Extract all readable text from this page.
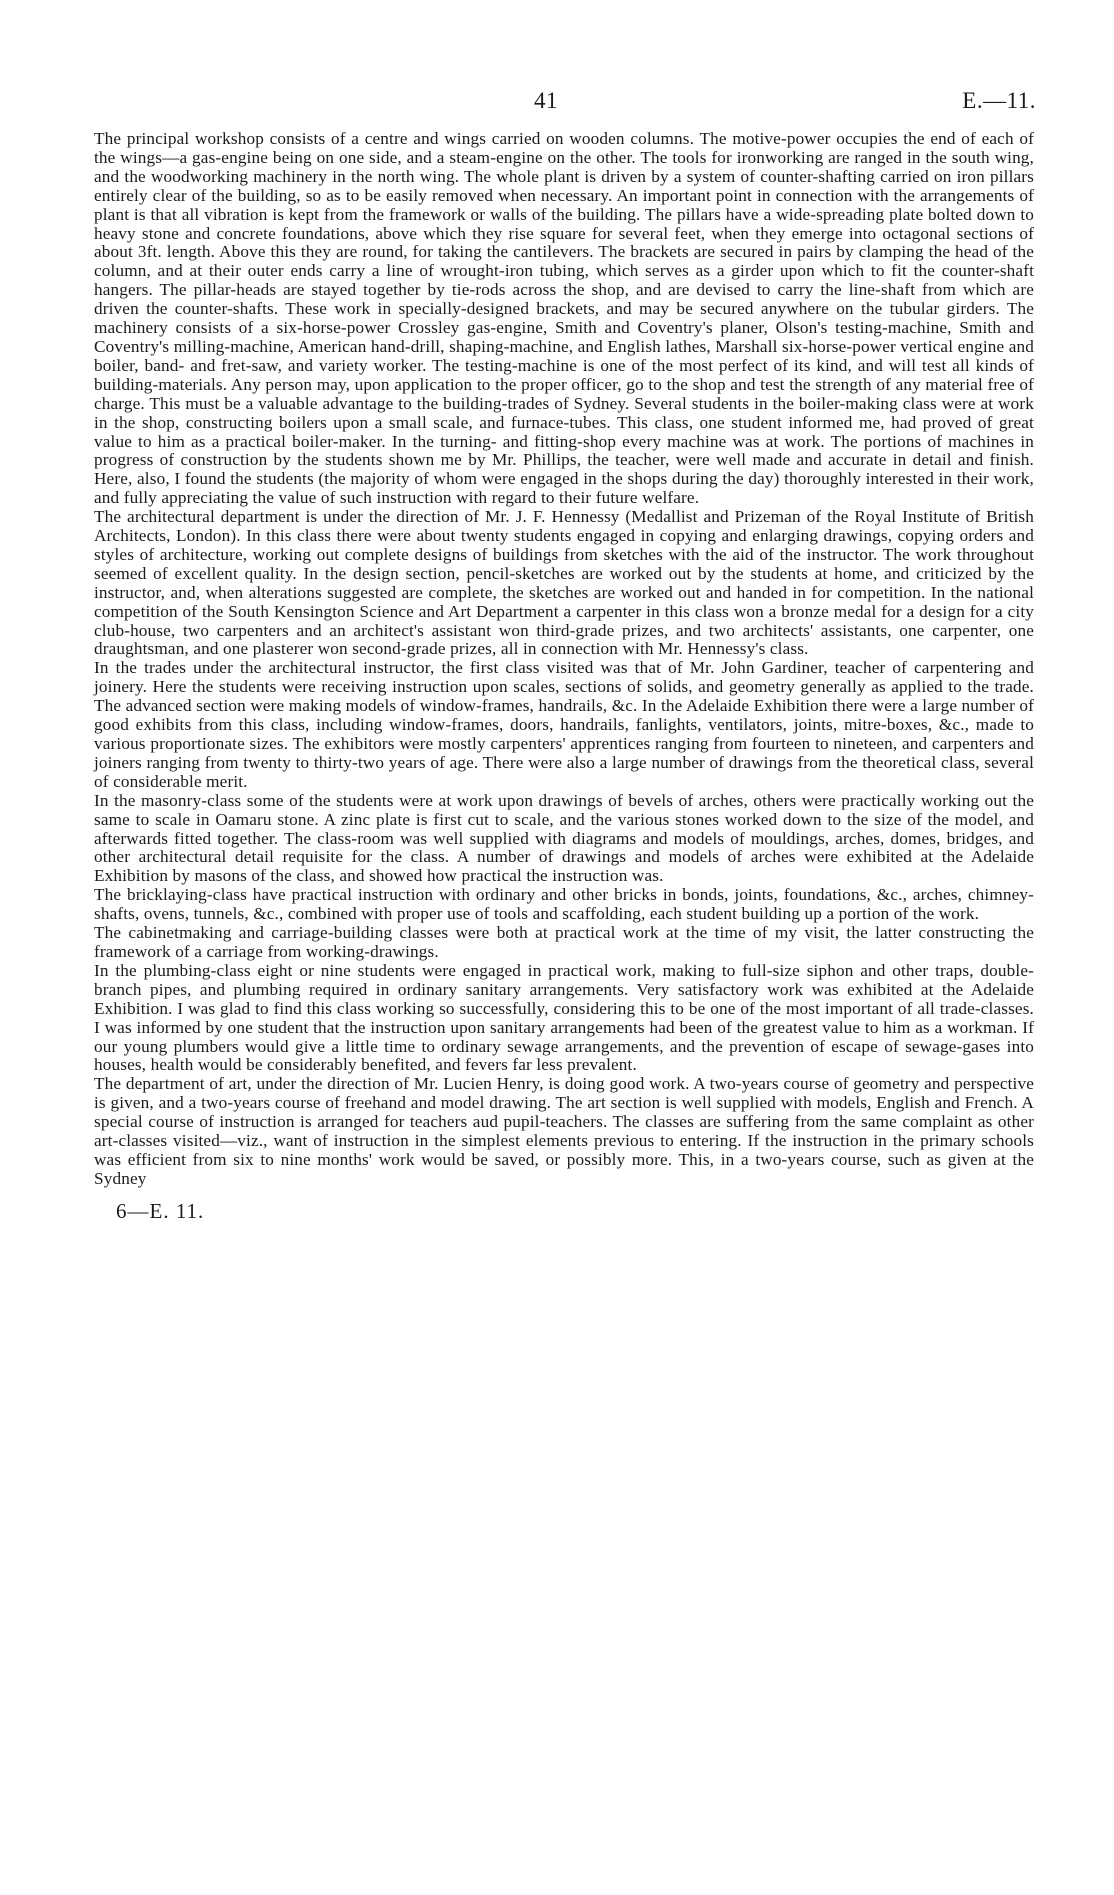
41	E.—11.

The principal workshop consists of a centre and wings carried on wooden columns. The motive-power occupies the end of each of the wings—a gas-engine being on one side, and a steam-engine on the other. The tools for ironworking are ranged in the south wing, and the woodworking machinery in the north wing. The whole plant is driven by a system of counter-shafting carried on iron pillars entirely clear of the building, so as to be easily removed when necessary. An important point in connection with the arrangements of plant is that all vibration is kept from the framework or walls of the building. The pillars have a wide-spreading plate bolted down to heavy stone and concrete foundations, above which they rise square for several feet, when they emerge into octagonal sections of about 3ft. length. Above this they are round, for taking the cantilevers. The brackets are secured in pairs by clamping the head of the column, and at their outer ends carry a line of wrought-iron tubing, which serves as a girder upon which to fit the counter-shaft hangers. The pillar-heads are stayed together by tie-rods across the shop, and are devised to carry the line-shaft from which are driven the counter-shafts. These work in specially-designed brackets, and may be secured anywhere on the tubular girders. The machinery consists of a six-horse-power Crossley gas-engine, Smith and Coventry's planer, Olson's testing-machine, Smith and Coventry's milling-machine, American hand-drill, shaping-machine, and English lathes, Marshall six-horse-power vertical engine and boiler, band- and fret-saw, and variety worker. The testing-machine is one of the most perfect of its kind, and will test all kinds of building-materials. Any person may, upon application to the proper officer, go to the shop and test the strength of any material free of charge. This must be a valuable advantage to the building-trades of Sydney. Several students in the boiler-making class were at work in the shop, constructing boilers upon a small scale, and furnace-tubes. This class, one student informed me, had proved of great value to him as a practical boiler-maker. In the turning- and fitting-shop every machine was at work. The portions of machines in progress of construction by the students shown me by Mr. Phillips, the teacher, were well made and accurate in detail and finish. Here, also, I found the students (the majority of whom were engaged in the shops during the day) thoroughly interested in their work, and fully appreciating the value of such instruction with regard to their future welfare.

The architectural department is under the direction of Mr. J. F. Hennessy (Medallist and Prizeman of the Royal Institute of British Architects, London). In this class there were about twenty students engaged in copying and enlarging drawings, copying orders and styles of architecture, working out complete designs of buildings from sketches with the aid of the instructor. The work throughout seemed of excellent quality. In the design section, pencil-sketches are worked out by the students at home, and criticized by the instructor, and, when alterations suggested are complete, the sketches are worked out and handed in for competition. In the national competition of the South Kensington Science and Art Department a carpenter in this class won a bronze medal for a design for a city club-house, two carpenters and an architect's assistant won third-grade prizes, and two architects' assistants, one carpenter, one draughtsman, and one plasterer won second-grade prizes, all in connection with Mr. Hennessy's class.

In the trades under the architectural instructor, the first class visited was that of Mr. John Gardiner, teacher of carpentering and joinery. Here the students were receiving instruction upon scales, sections of solids, and geometry generally as applied to the trade. The advanced section were making models of window-frames, handrails, &c. In the Adelaide Exhibition there were a large number of good exhibits from this class, including window-frames, doors, handrails, fanlights, ventilators, joints, mitre-boxes, &c., made to various proportionate sizes. The exhibitors were mostly carpenters' apprentices ranging from fourteen to nineteen, and carpenters and joiners ranging from twenty to thirty-two years of age. There were also a large number of drawings from the theoretical class, several of considerable merit.

In the masonry-class some of the students were at work upon drawings of bevels of arches, others were practically working out the same to scale in Oamaru stone. A zinc plate is first cut to scale, and the various stones worked down to the size of the model, and afterwards fitted together. The class-room was well supplied with diagrams and models of mouldings, arches, domes, bridges, and other architectural detail requisite for the class. A number of drawings and models of arches were exhibited at the Adelaide Exhibition by masons of the class, and showed how practical the instruction was.

The bricklaying-class have practical instruction with ordinary and other bricks in bonds, joints, foundations, &c., arches, chimney-shafts, ovens, tunnels, &c., combined with proper use of tools and scaffolding, each student building up a portion of the work.

The cabinetmaking and carriage-building classes were both at practical work at the time of my visit, the latter constructing the framework of a carriage from working-drawings.

In the plumbing-class eight or nine students were engaged in practical work, making to full-size siphon and other traps, double-branch pipes, and plumbing required in ordinary sanitary arrangements. Very satisfactory work was exhibited at the Adelaide Exhibition. I was glad to find this class working so successfully, considering this to be one of the most important of all trade-classes. I was informed by one student that the instruction upon sanitary arrangements had been of the greatest value to him as a workman. If our young plumbers would give a little time to ordinary sewage arrangements, and the prevention of escape of sewage-gases into houses, health would be considerably benefited, and fevers far less prevalent.

The department of art, under the direction of Mr. Lucien Henry, is doing good work. A two-years course of geometry and perspective is given, and a two-years course of freehand and model drawing. The art section is well supplied with models, English and French. A special course of instruction is arranged for teachers aud pupil-teachers. The classes are suffering from the same complaint as other art-classes visited—viz., want of instruction in the simplest elements previous to entering. If the instruction in the primary schools was efficient from six to nine months' work would be saved, or possibly more. This, in a two-years course, such as given at the Sydney

6—E. 11.
